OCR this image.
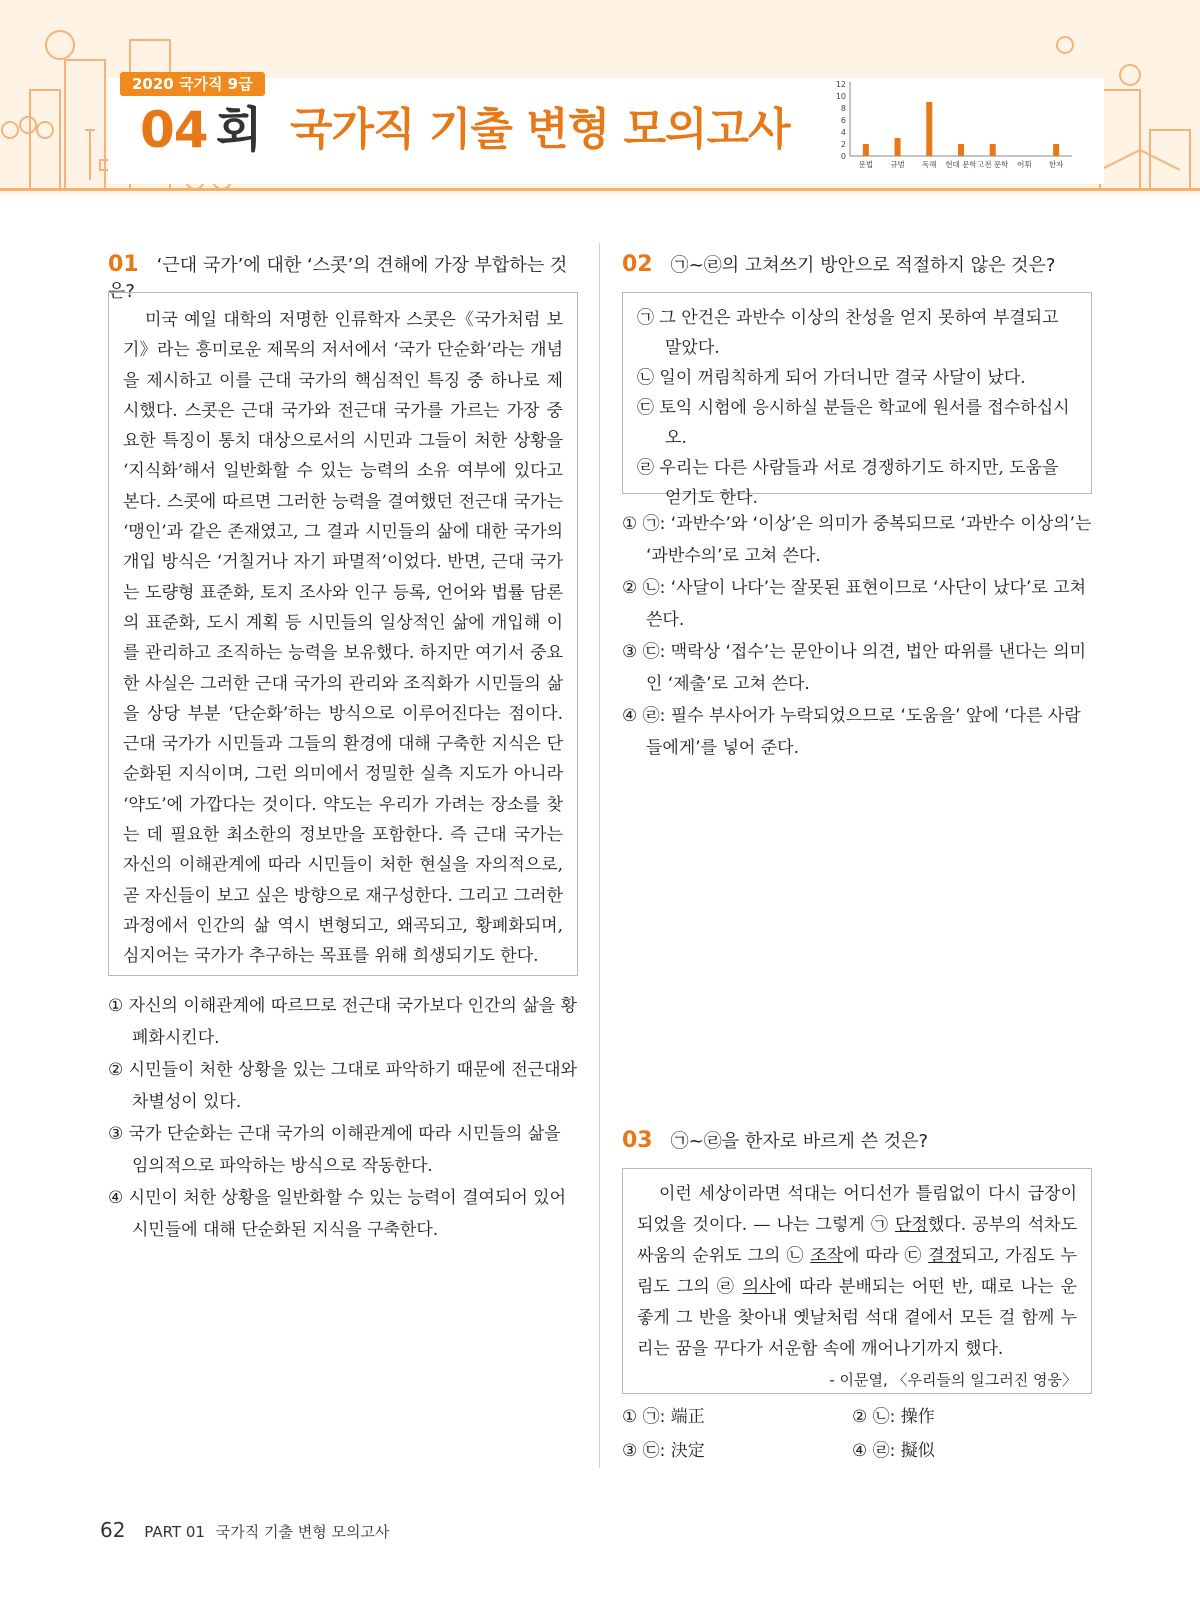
2020 국가직 9급
04 회 국가직 기출 변형 모의고사
12
10
8
6
4
2
0
문법 규범 독해 현대 문학 고전 문학 어휘 한자
01 ‘근대 국가’에 대한 ‘스콧’의 견해에 가장 부합하는 것은?

미국 예일 대학의 저명한 인류학자 스콧은《국가처럼 보기》라는 흥미로운 제목의 저서에서 ‘국가 단순화’라는 개념을 제시하고 이를 근대 국가의 핵심적인 특징 중 하나로 제시했다. 스콧은 근대 국가와 전근대 국가를 가르는 가장 중요한 특징이 통치 대상으로서의 시민과 그들이 처한 상황을 ‘지식화’해서 일반화할 수 있는 능력의 소유 여부에 있다고 본다. 스콧에 따르면 그러한 능력을 결여했던 전근대 국가는 ‘맹인’과 같은 존재였고, 그 결과 시민들의 삶에 대한 국가의 개입 방식은 ‘거칠거나 자기 파멸적’이었다. 반면, 근대 국가는 도량형 표준화, 토지 조사와 인구 등록, 언어와 법률 담론의 표준화, 도시 계획 등 시민들의 일상적인 삶에 개입해 이를 관리하고 조직하는 능력을 보유했다. 하지만 여기서 중요한 사실은 그러한 근대 국가의 관리와 조직화가 시민들의 삶을 상당 부분 ‘단순화’하는 방식으로 이루어진다는 점이다. 근대 국가가 시민들과 그들의 환경에 대해 구축한 지식은 단순화된 지식이며, 그런 의미에서 정밀한 실측 지도가 아니라 ‘약도’에 가깝다는 것이다. 약도는 우리가 가려는 장소를 찾는 데 필요한 최소한의 정보만을 포함한다. 즉 근대 국가는 자신의 이해관계에 따라 시민들이 처한 현실을 자의적으로, 곧 자신들이 보고 싶은 방향으로 재구성한다. 그리고 그러한 과정에서 인간의 삶 역시 변형되고, 왜곡되고, 황폐화되며, 심지어는 국가가 추구하는 목표를 위해 희생되기도 한다.

① 자신의 이해관계에 따르므로 전근대 국가보다 인간의 삶을 황폐화시킨다.

② 시민들이 처한 상황을 있는 그대로 파악하기 때문에 전근대와 차별성이 있다.

③ 국가 단순화는 근대 국가의 이해관계에 따라 시민들의 삶을 임의적으로 파악하는 방식으로 작동한다.

④ 시민이 처한 상황을 일반화할 수 있는 능력이 결여되어 있어 시민들에 대해 단순화된 지식을 구축한다.

02 ㉠~㉣의 고쳐쓰기 방안으로 적절하지 않은 것은?

㉠ 그 안건은 과반수 이상의 찬성을 얻지 못하여 부결되고 말았다.

㉡ 일이 꺼림칙하게 되어 가더니만 결국 사달이 났다.

㉢ 토익 시험에 응시하실 분들은 학교에 원서를 접수하십시오.

㉣ 우리는 다른 사람들과 서로 경쟁하기도 하지만, 도움을 얻기도 한다.

① ㉠: ‘과반수’와 ‘이상’은 의미가 중복되므로 ‘과반수 이상의’는 ‘과반수의’로 고쳐 쓴다.

② ㉡: ‘사달이 나다’는 잘못된 표현이므로 ‘사단이 났다’로 고쳐 쓴다.

③ ㉢: 맥락상 ‘접수’는 문안이나 의견, 법안 따위를 낸다는 의미인 ‘제출’로 고쳐 쓴다.

④ ㉣: 필수 부사어가 누락되었으므로 ‘도움을’ 앞에 ‘다른 사람들에게’를 넣어 준다.

03 ㉠~㉣을 한자로 바르게 쓴 것은?

이런 세상이라면 석대는 어디선가 틀림없이 다시 급장이 되었을 것이다. — 나는 그렇게 ㉠ 단정했다. 공부의 석차도 싸움의 순위도 그의 ㉡ 조작에 따라 ㉢ 결정되고, 가짐도 누림도 그의 ㉣ 의사에 따라 분배되는 어떤 반, 때로 나는 운 좋게 그 반을 찾아내 옛날처럼 석대 곁에서 모든 걸 함께 누리는 꿈을 꾸다가 서운함 속에 깨어나기까지 했다.

- 이문열, 〈우리들의 일그러진 영웅〉
① ㉠: 端正	② ㉡: 操作
③ ㉢: 決定	④ ㉣: 擬似
62 PART 01 국가직 기출 변형 모의고사
